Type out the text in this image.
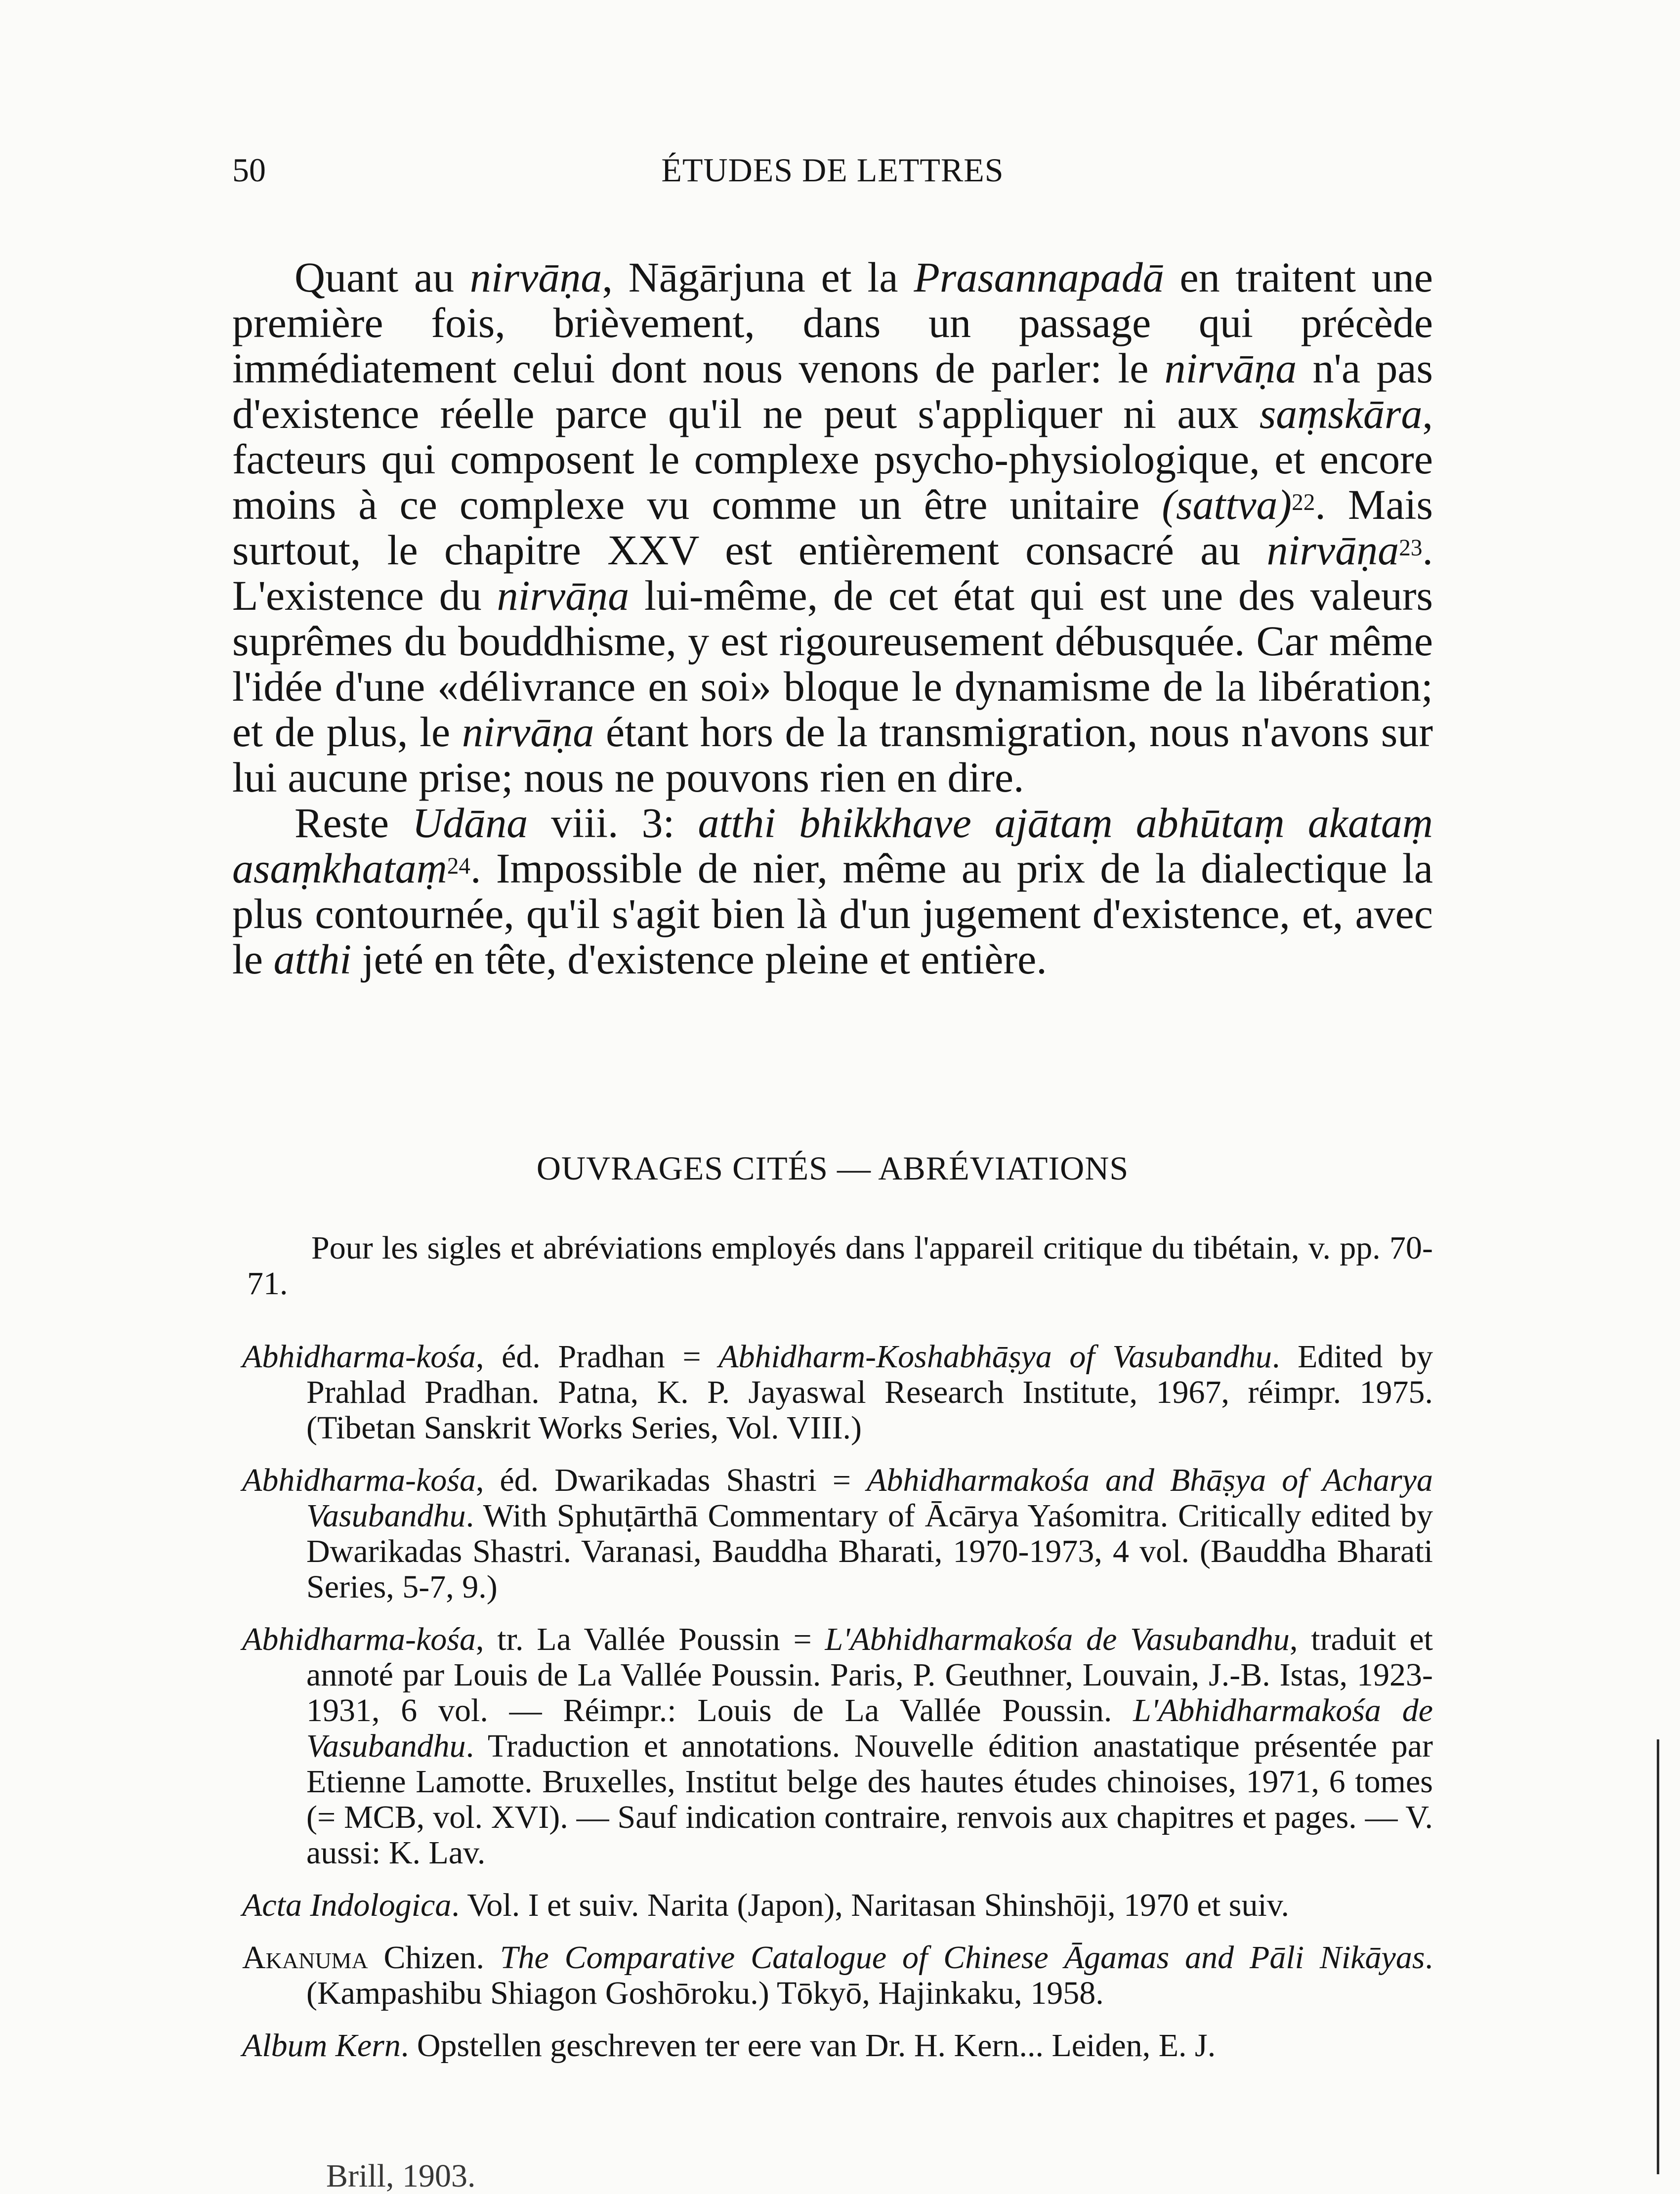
50	ÉTUDES DE LETTRES

Quant au nirvāṇa, Nāgārjuna et la Prasannapadā en traitent une première fois, brièvement, dans un passage qui précède immédiatement celui dont nous venons de parler: le nirvāṇa n'a pas d'existence réelle parce qu'il ne peut s'appliquer ni aux saṃskāra, facteurs qui composent le complexe psycho-physiologique, et encore moins à ce complexe vu comme un être unitaire (sattva)$^{22}$. Mais surtout, le chapitre XXV est entièrement consacré au nirvāṇa$^{23}$. L'existence du nirvāṇa lui-même, de cet état qui est une des valeurs suprêmes du bouddhisme, y est rigoureusement débusquée. Car même l'idée d'une «délivrance en soi» bloque le dynamisme de la libération; et de plus, le nirvāṇa étant hors de la transmigration, nous n'avons sur lui aucune prise; nous ne pouvons rien en dire.

Reste Udāna viii. 3: atthi bhikkhave ajātaṃ abhūtaṃ akataṃ asaṃkhataṃ$^{24}$. Impossible de nier, même au prix de la dialectique la plus contournée, qu'il s'agit bien là d'un jugement d'existence, et, avec le atthi jeté en tête, d'existence pleine et entière.

OUVRAGES CITÉS — ABRÉVIATIONS

Pour les sigles et abréviations employés dans l'appareil critique du tibétain, v. pp. 70-71.

Abhidharma-kośa, éd. Pradhan = Abhidharm-Koshabhāṣya of Vasubandhu. Edited by Prahlad Pradhan. Patna, K. P. Jayaswal Research Institute, 1967, réimpr. 1975. (Tibetan Sanskrit Works Series, Vol. VIII.)

Abhidharma-kośa, éd. Dwarikadas Shastri = Abhidharmakośa and Bhāṣya of Acharya Vasubandhu. With Sphuṭārthā Commentary of Ācārya Yaśomitra. Critically edited by Dwarikadas Shastri. Varanasi, Bauddha Bharati, 1970-1973, 4 vol. (Bauddha Bharati Series, 5-7, 9.)

Abhidharma-kośa, tr. La Vallée Poussin = L'Abhidharmakośa de Vasubandhu, traduit et annoté par Louis de La Vallée Poussin. Paris, P. Geuthner, Louvain, J.-B. Istas, 1923-1931, 6 vol. — Réimpr.: Louis de La Vallée Poussin. L'Abhidharmakośa de Vasubandhu. Traduction et annotations. Nouvelle édition anastatique présentée par Etienne Lamotte. Bruxelles, Institut belge des hautes études chinoises, 1971, 6 tomes (= MCB, vol. XVI). — Sauf indication contraire, renvois aux chapitres et pages. — V. aussi: K. Lav.

Acta Indologica. Vol. I et suiv. Narita (Japon), Naritasan Shinshōji, 1970 et suiv.

Akanuma Chizen. The Comparative Catalogue of Chinese Āgamas and Pāli Nikāyas. (Kampashibu Shiagon Goshōroku.) Tōkyō, Hajinkaku, 1958.

Album Kern. Opstellen geschreven ter eere van Dr. H. Kern... Leiden, E. J.

Brill, 1903.
